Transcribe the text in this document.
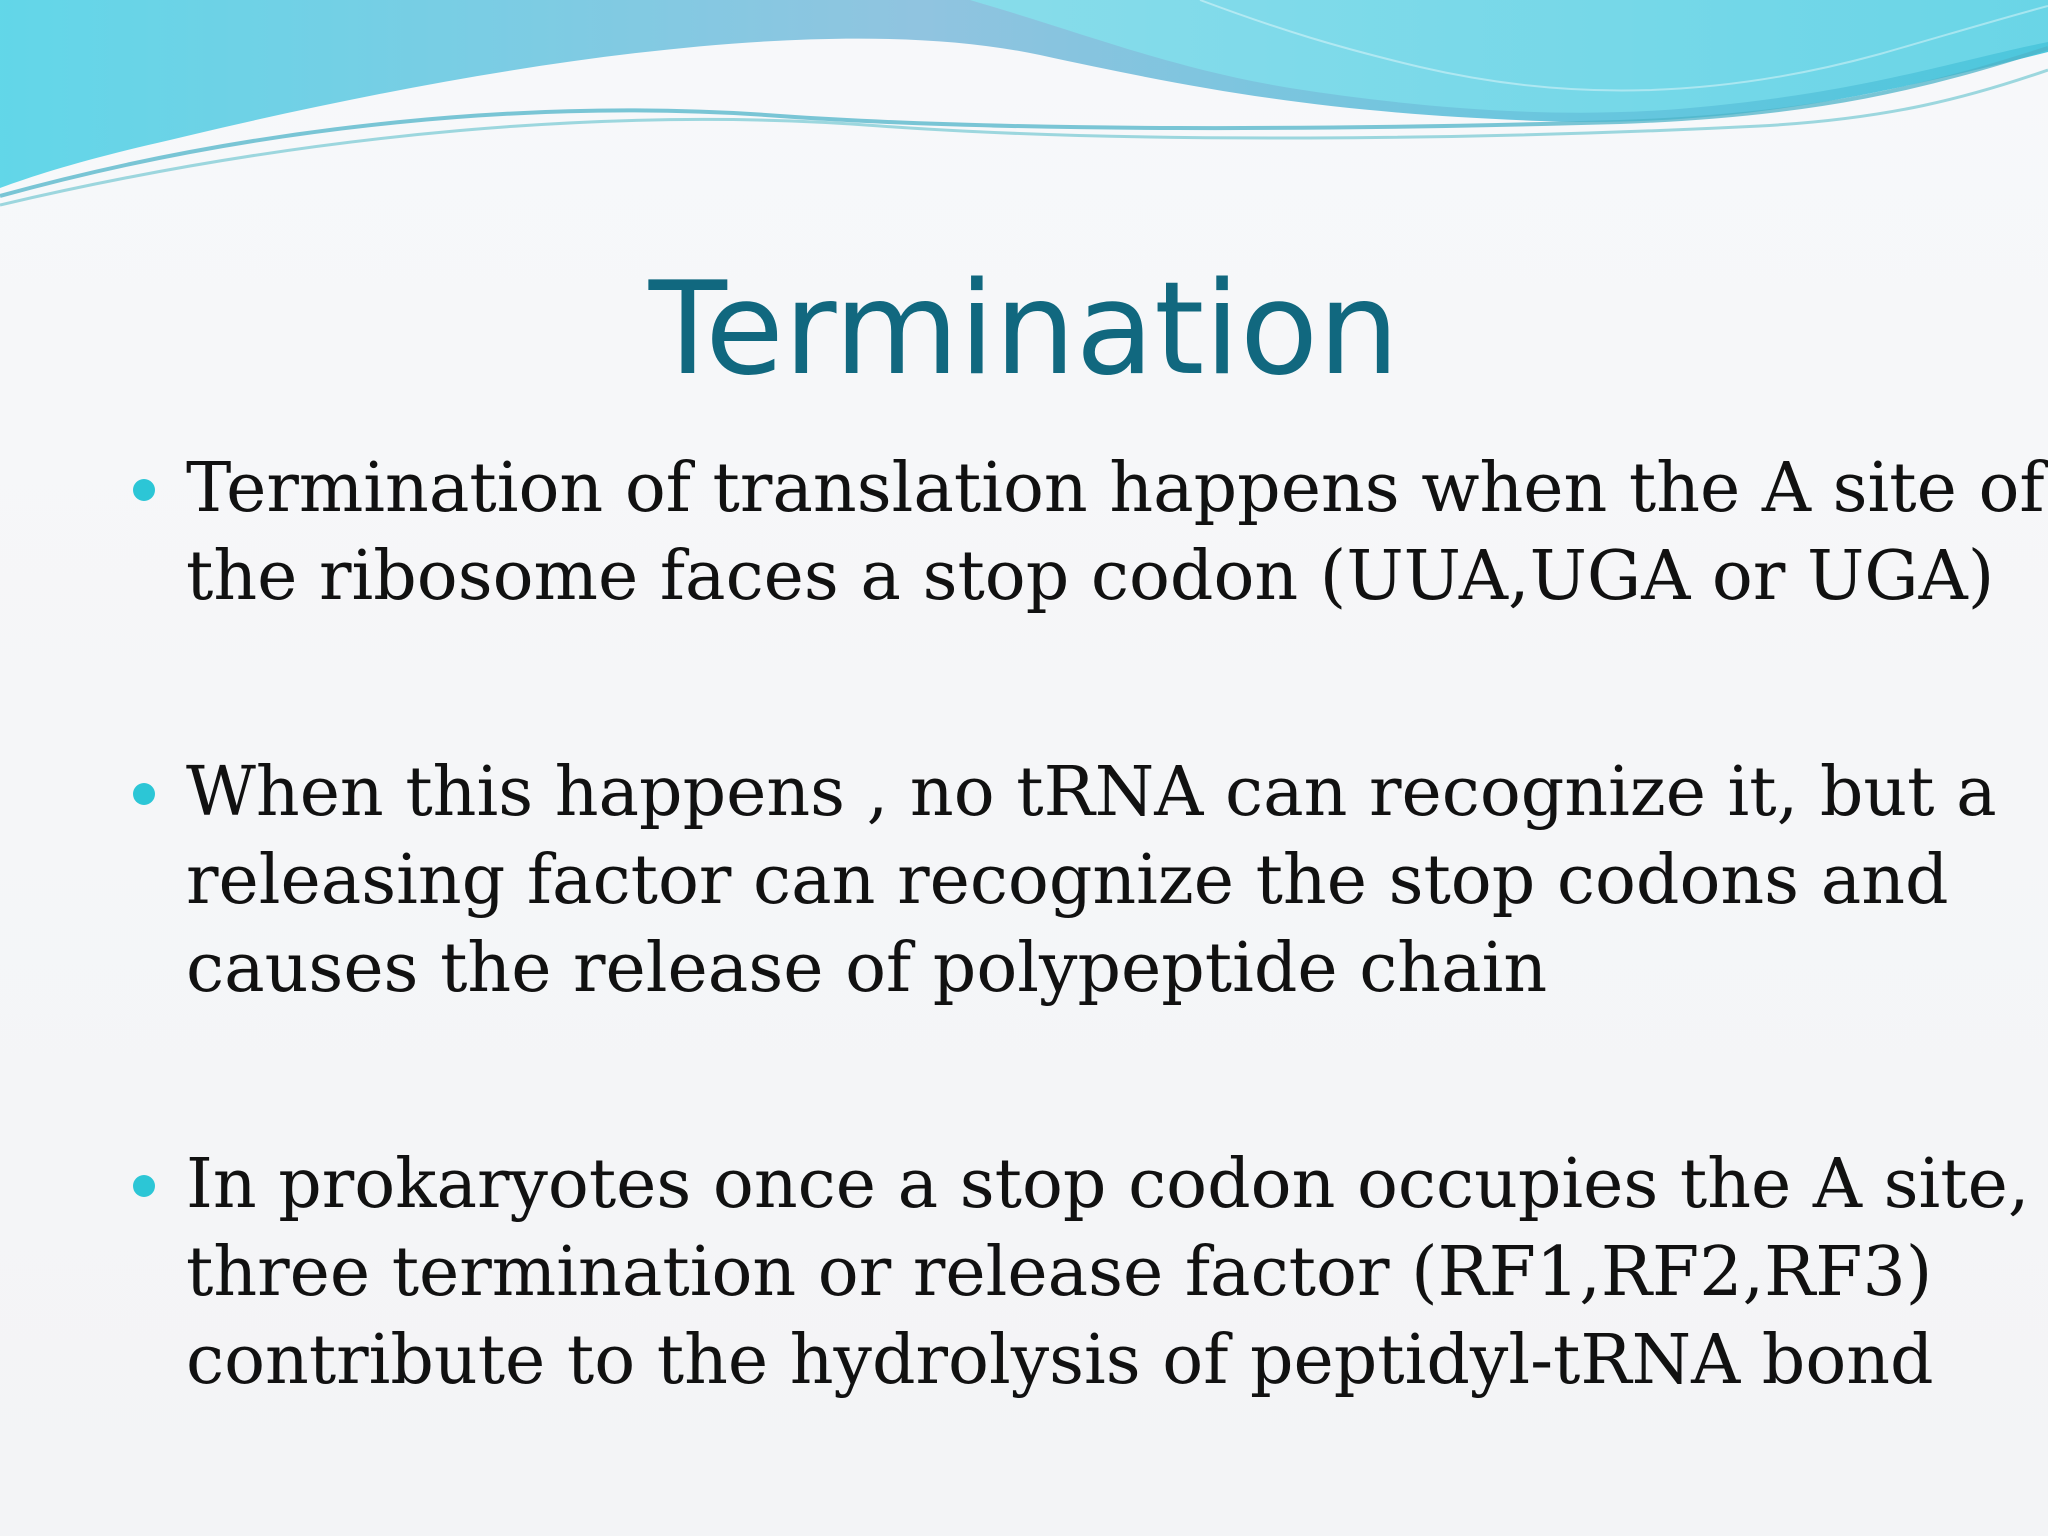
Termination
Termination of translation happens when the A site of
the ribosome faces a stop codon (UUA,UGA or UGA)
When this happens , no tRNA can recognize it, but a
releasing factor can recognize the stop codons and
causes the release of polypeptide chain
In prokaryotes once a stop codon occupies the A site,
three termination or release factor (RF1,RF2,RF3)
contribute to the hydrolysis of peptidyl-tRNA bond
